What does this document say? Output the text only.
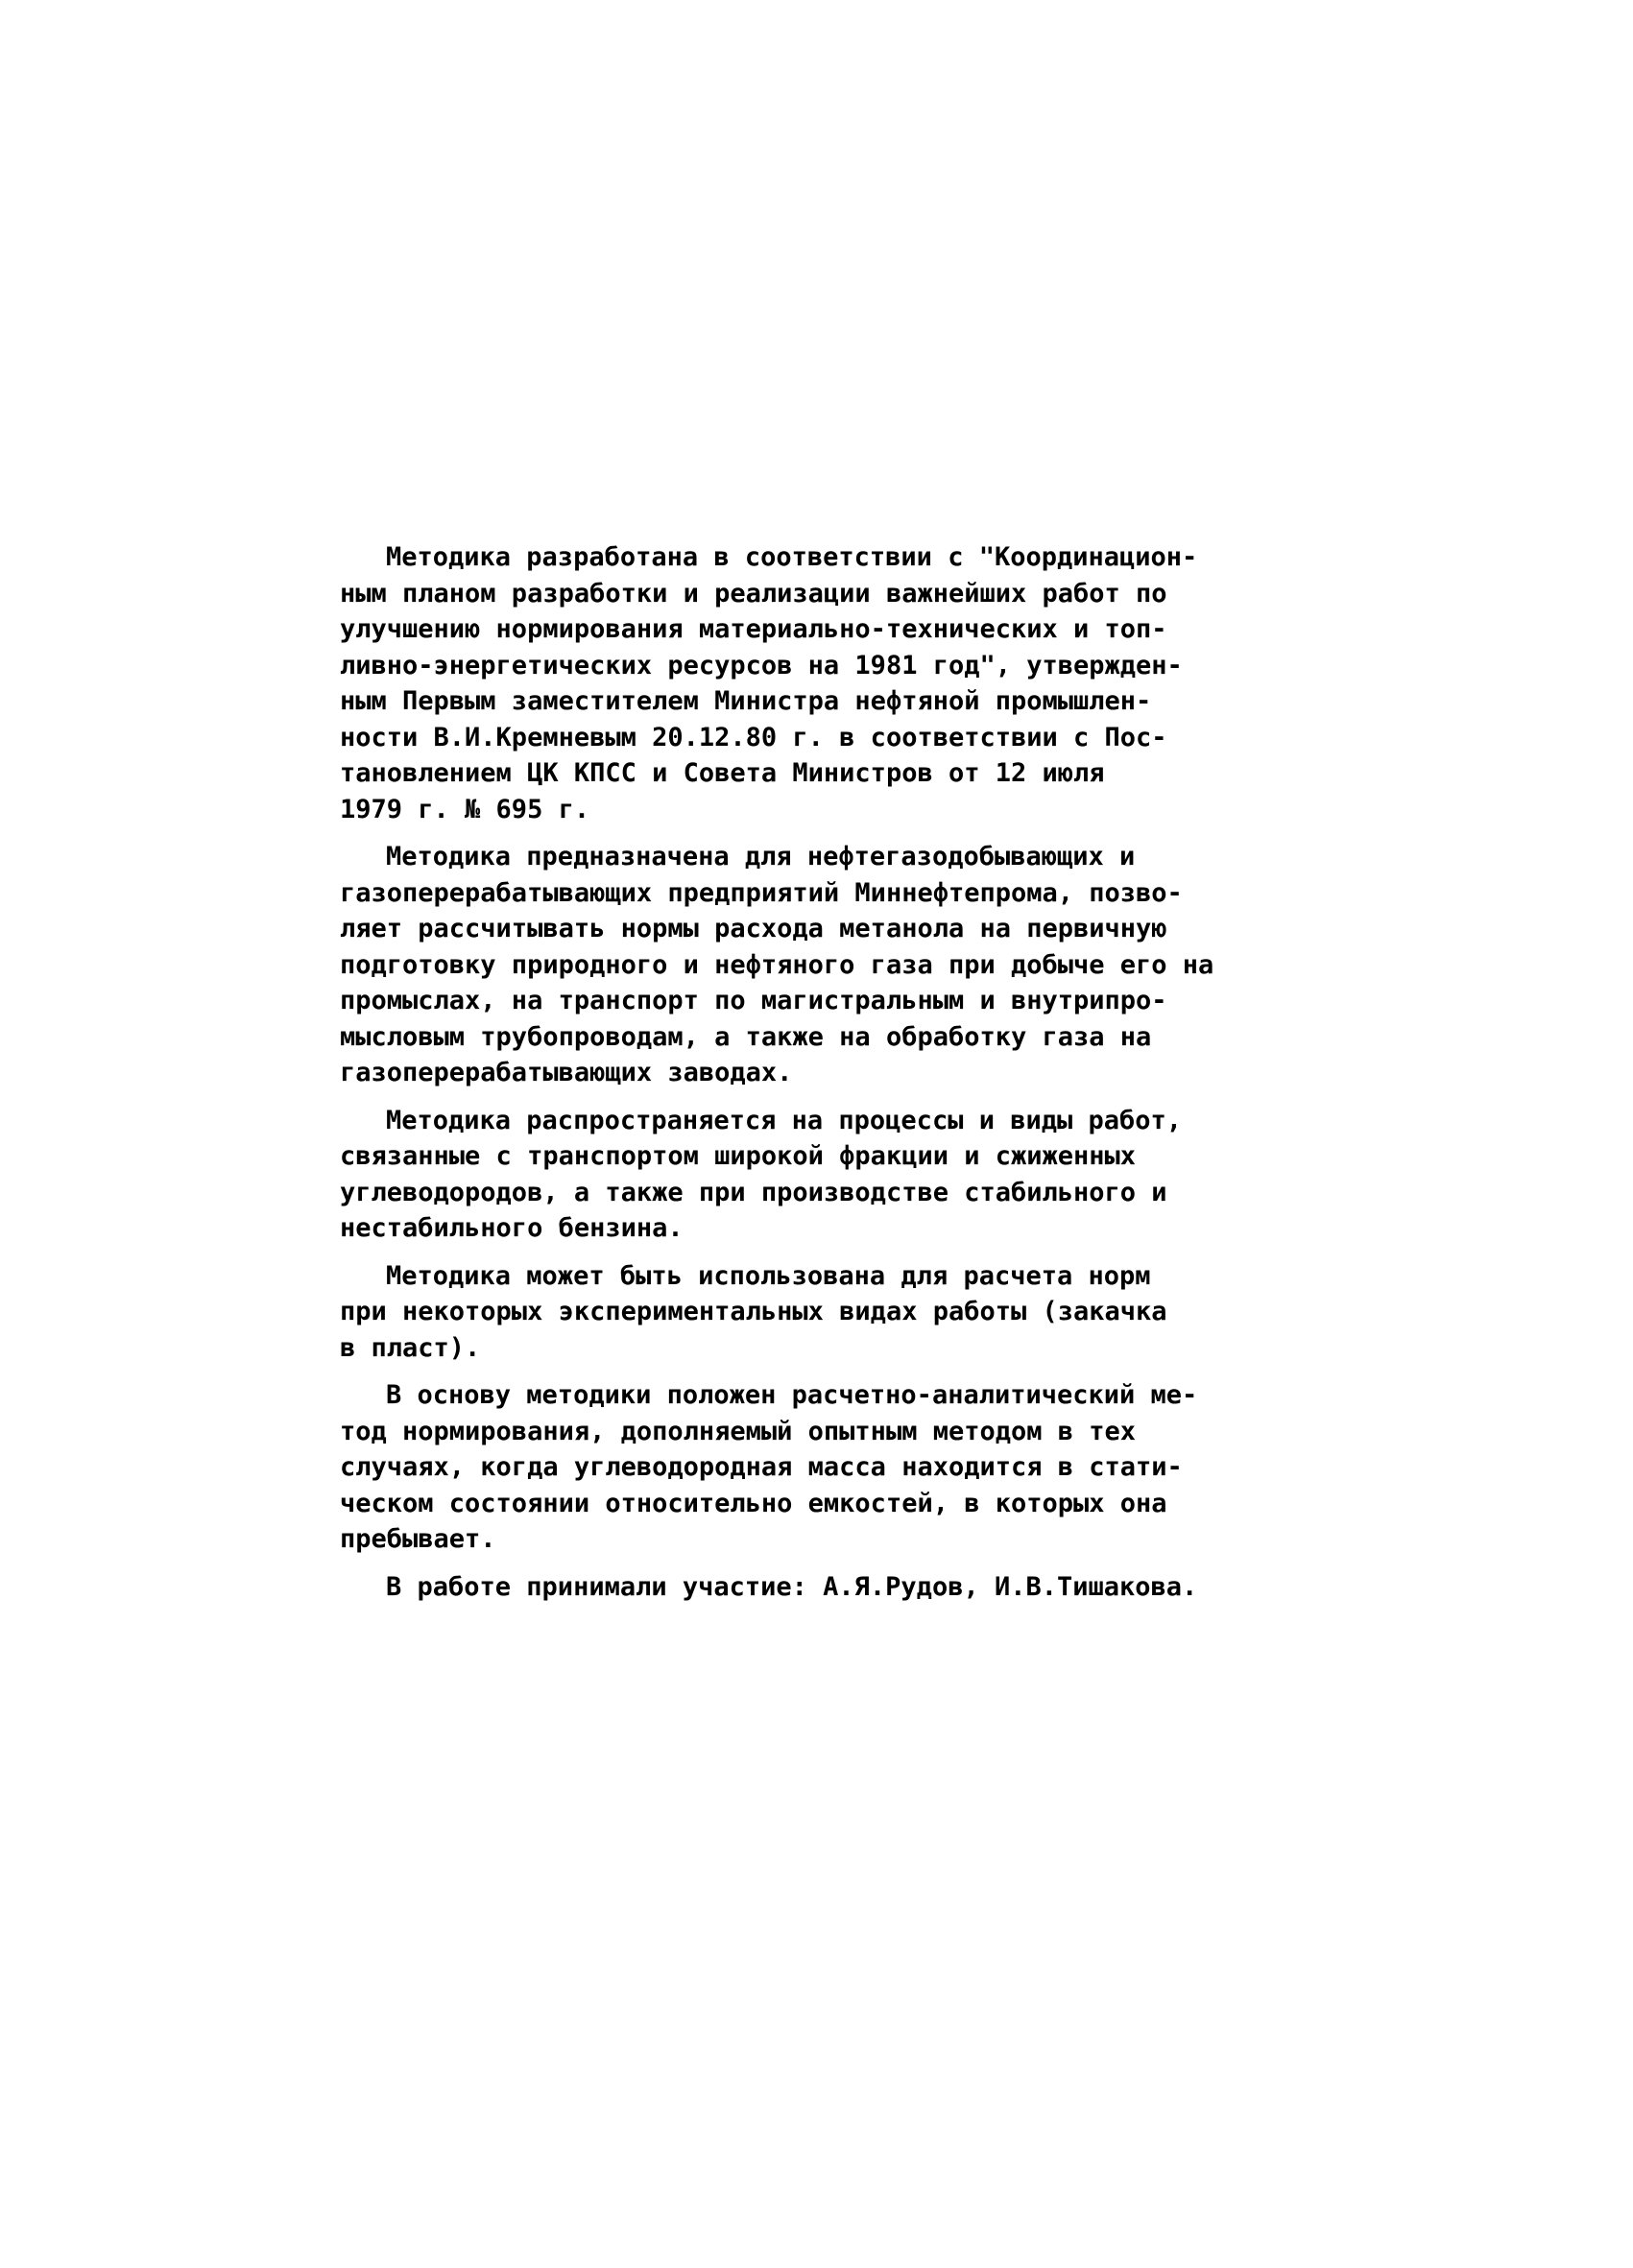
Методика разработана в соответствии с "Координацион-
ным планом разработки и реализации важнейших работ по
улучшению нормирования материально-технических и топ-
ливно-энергетических ресурсов на 1981 год", утвержден-
ным Первым заместителем Министра нефтяной промышлен-
ности В.И.Кремневым 20.12.80 г. в соответствии с Пос-
тановлением ЦК КПСС и Совета Министров от 12 июля
1979 г. № 695 г.
Методика предназначена для нефтегазодобывающих и
газоперерабатывающих предприятий Миннефтепрома, позво-
ляет рассчитывать нормы расхода метанола на первичную
подготовку природного и нефтяного газа при добыче его на
промыслах, на транспорт по магистральным и внутрипро-
мысловым трубопроводам, а также на обработку газа на
газоперерабатывающих заводах.
Методика распространяется на процессы и виды работ,
связанные с транспортом широкой фракции и сжиженных
углеводородов, а также при производстве стабильного и
нестабильного бензина.
Методика может быть использована для расчета норм
при некоторых экспериментальных видах работы (закачка
в пласт).
В основу методики положен расчетно-аналитический ме-
тод нормирования, дополняемый опытным методом в тех
случаях, когда углеводородная масса находится в стати-
ческом состоянии относительно емкостей, в которых она
пребывает.
В работе принимали участие: А.Я.Рудов, И.В.Тишакова.
